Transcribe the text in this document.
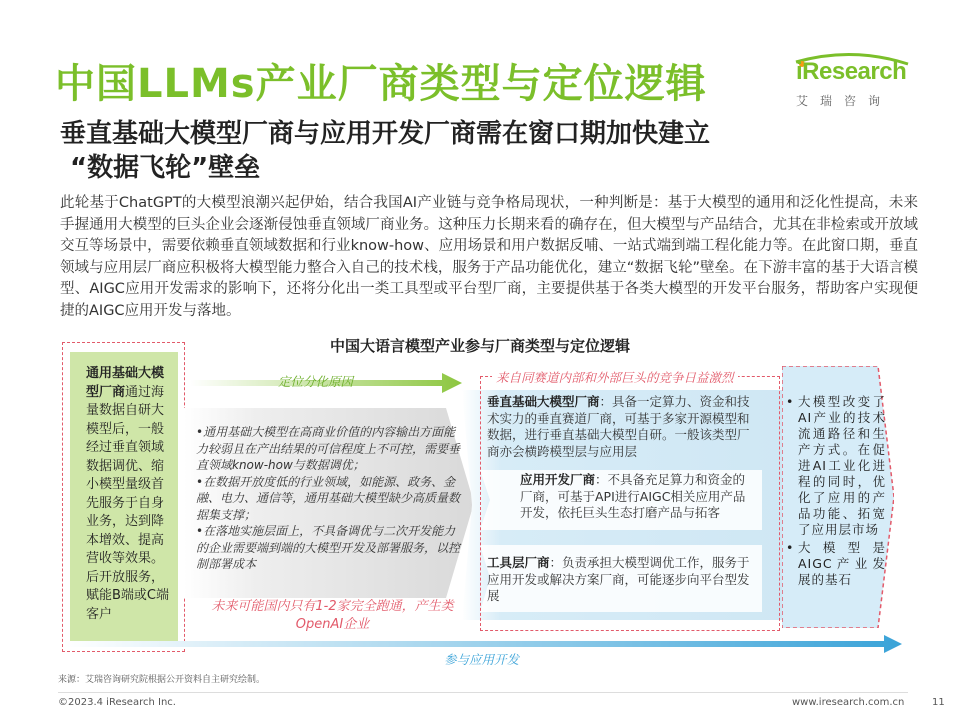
中国LLMs产业厂商类型与定位逻辑	iResearch
艾瑞咨询
垂直基础大模型厂商与应用开发厂商需在窗口期加快建立
“数据飞轮”壁垒
此轮基于ChatGPT的大模型浪潮兴起伊始，结合我国AI产业链与竞争格局现状，一种判断是：基于大模型的通用和泛化性提高，未来手握通用大模型的巨头企业会逐渐侵蚀垂直领域厂商业务。这种压力长期来看的确存在，但大模型与产品结合，尤其在非检索或开放域交互等场景中，需要依赖垂直领域数据和行业know-how、应用场景和用户数据反哺、一站式端到端工程化能力等。在此窗口期，垂直领域与应用层厂商应积极将大模型能力整合入自己的技术栈，服务于产品功能优化，建立“数据飞轮”壁垒。在下游丰富的基于大语言模型、AIGC应用开发需求的影响下，还将分化出一类工具型或平台型厂商，主要提供基于各类大模型的开发平台服务，帮助客户实现便捷的AIGC应用开发与落地。
中国大语言模型产业参与厂商类型与定位逻辑
通用基础大模型厂商通过海量数据自研大模型后，一般经过垂直领域数据调优、缩小模型量级首先服务于自身业务，达到降本增效、提高营收等效果。后开放服务，赋能B端或C端客户
定位分化原因
•通用基础大模型在高商业价值的内容输出方面能力较弱且在产出结果的可信程度上不可控，需要垂直领域know-how与数据调优；
•在数据开放度低的行业领域，如能源、政务、金融、电力、通信等，通用基础大模型缺少高质量数据集支撑；
•在落地实施层面上，不具备调优与二次开发能力的企业需要端到端的大模型开发及部署服务，以控制部署成本
未来可能国内只有1-2家完全跑通，产生类OpenAI企业
来自同赛道内部和外部巨头的竞争日益激烈
垂直基础大模型厂商：具备一定算力、资金和技术实力的垂直赛道厂商，可基于多家开源模型和数据，进行垂直基础大模型自研。一般该类型厂商亦会横跨模型层与应用层
应用开发厂商：不具备充足算力和资金的厂商，可基于API进行AIGC相关应用产品开发，依托巨头生态打磨产品与拓客
工具层厂商：负责承担大模型调优工作，服务于应用开发或解决方案厂商，可能逐步向平台型发展
• 大模型改变了AI产业的技术流通路径和生产方式。在促进AI工业化进程的同时，优化了应用的产品功能、拓宽了应用层市场
• 大模型是AIGC产业发展的基石
参与应用开发
来源：艾瑞咨询研究院根据公开资料自主研究绘制。
©2023.4 iResearch Inc.	www.iresearch.com.cn	11
